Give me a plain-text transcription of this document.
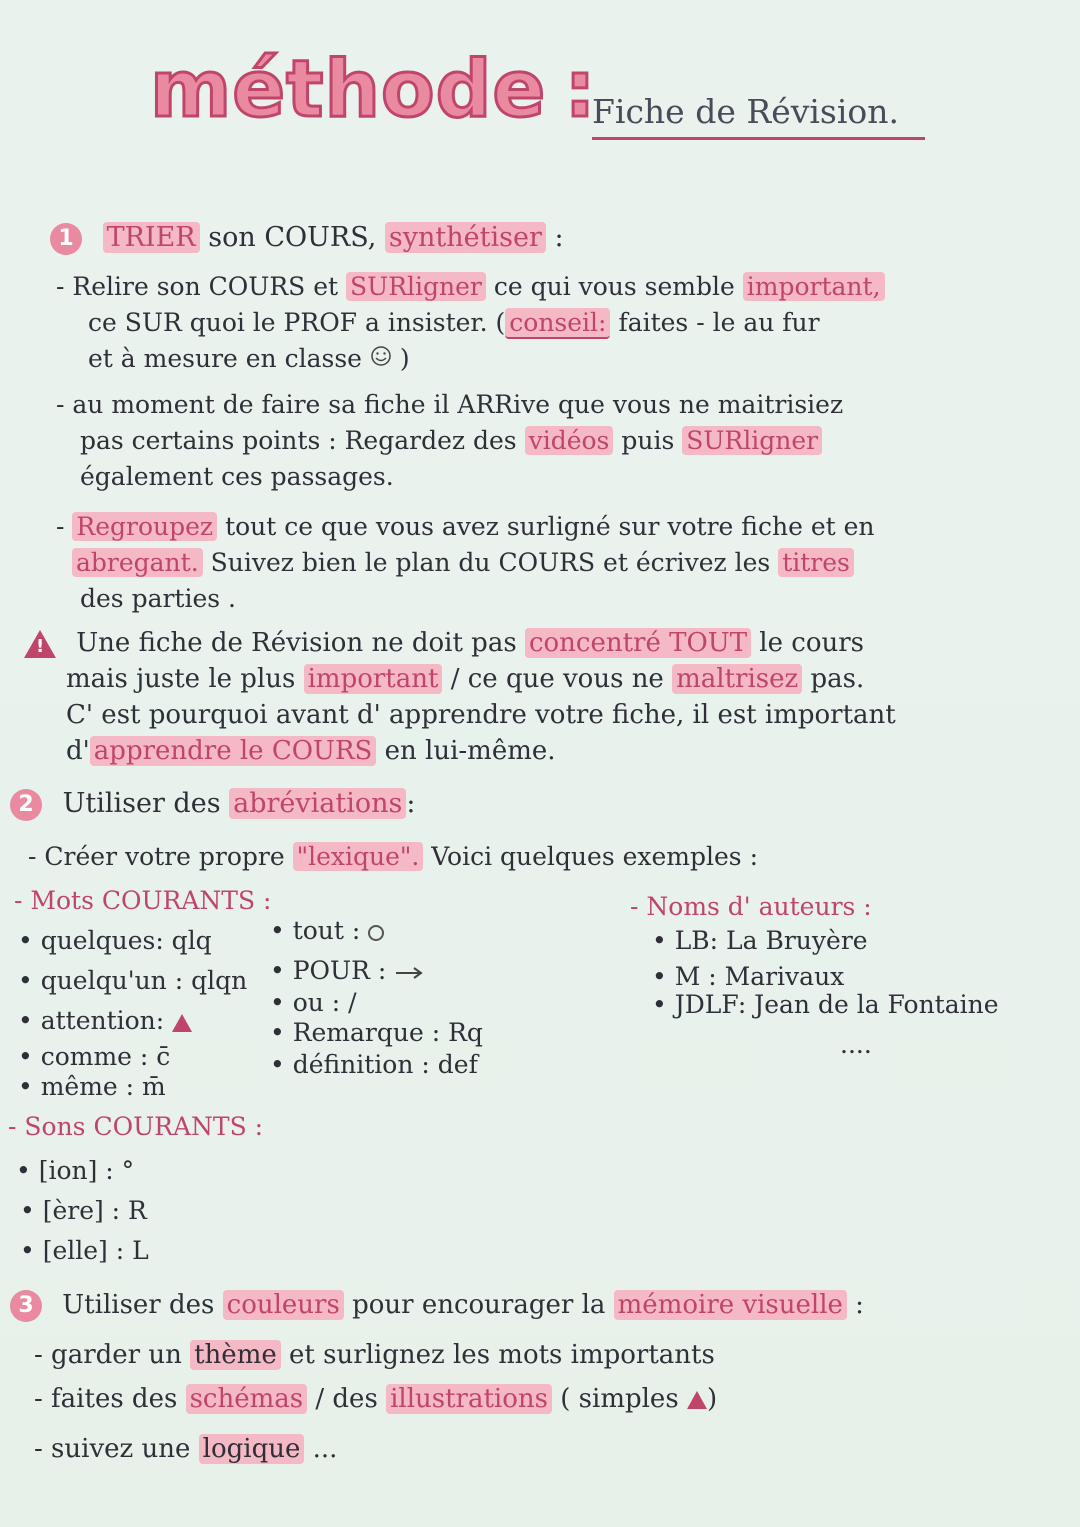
méthode :
Fiche de Révision.
1 TRIER son COURS, synthétiser :
- Relire son COURS et SURligner ce qui vous semble important,
ce SUR quoi le PROF a insister. ( conseil: faites - le au fur
et à mesure en classe )
- au moment de faire sa fiche il ARRive que vous ne maitrisiez
pas certains points : Regardez des vidéos puis SURligner
également ces passages.
- Regroupez tout ce que vous avez surligné sur votre fiche et en
abregant. Suivez bien le plan du COURS et écrivez les titres
des parties .
! Une fiche de Révision ne doit pas concentré TOUT le cours
mais juste le plus important / ce que vous ne maltrisez pas.
C' est pourquoi avant d' apprendre votre fiche, il est important
d' apprendre le COURS en lui-même.
2 Utiliser des abréviations :
- Créer votre propre "lexique". Voici quelques exemples :
- Mots COURANTS :
• quelques: qlq
• quelqu'un : qlqn
• attention:
• comme : c̄
• même : m̄
• tout :
• POUR :
• ou : /
• Remarque : Rq
• définition : def
- Noms d' auteurs :
• LB: La Bruyère
• M : Marivaux
• JDLF: Jean de la Fontaine
....
- Sons COURANTS :
• [ion] : °
• [ère] : R
• [elle] : L
3 Utiliser des couleurs pour encourager la mémoire visuelle :
- garder un thème et surlignez les mots importants
- faites des schémas / des illustrations ( simples )
- suivez une logique ...
